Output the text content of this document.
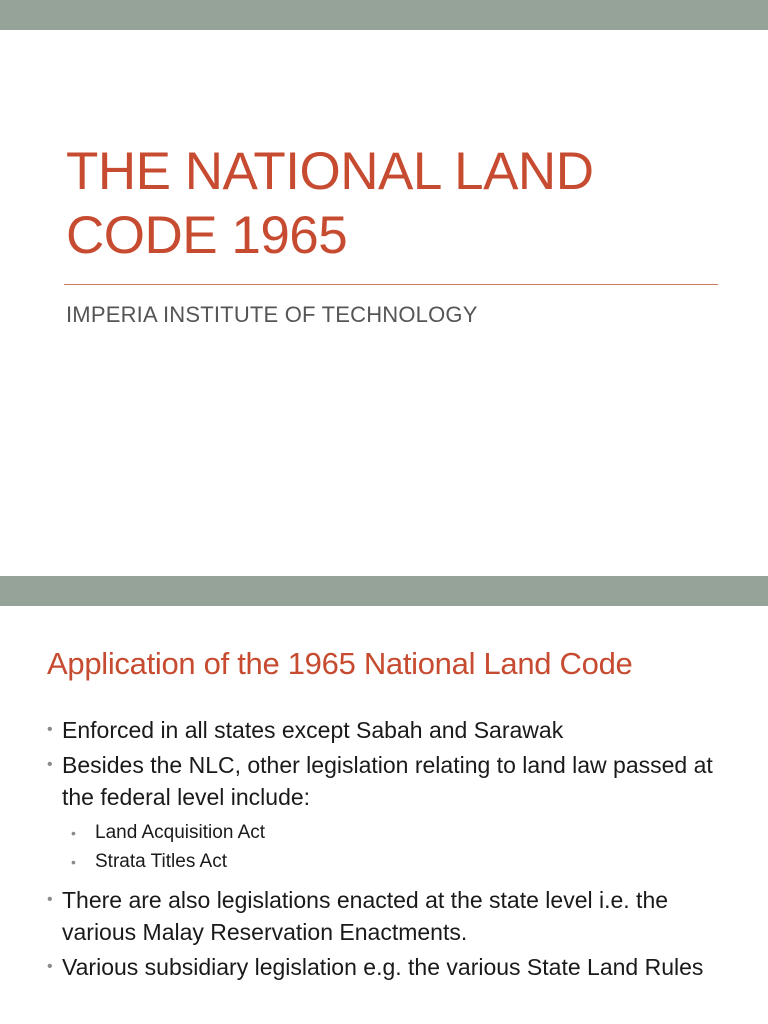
THE NATIONAL LAND
CODE 1965

IMPERIA INSTITUTE OF TECHNOLOGY

Application of the 1965 National Land Code
• Enforced in all states except Sabah and Sarawak
• Besides the NLC, other legislation relating to land law passed at the federal level include:
• Land Acquisition Act
• Strata Titles Act
• There are also legislations enacted at the state level i.e. the various Malay Reservation Enactments.
• Various subsidiary legislation e.g. the various State Land Rules
